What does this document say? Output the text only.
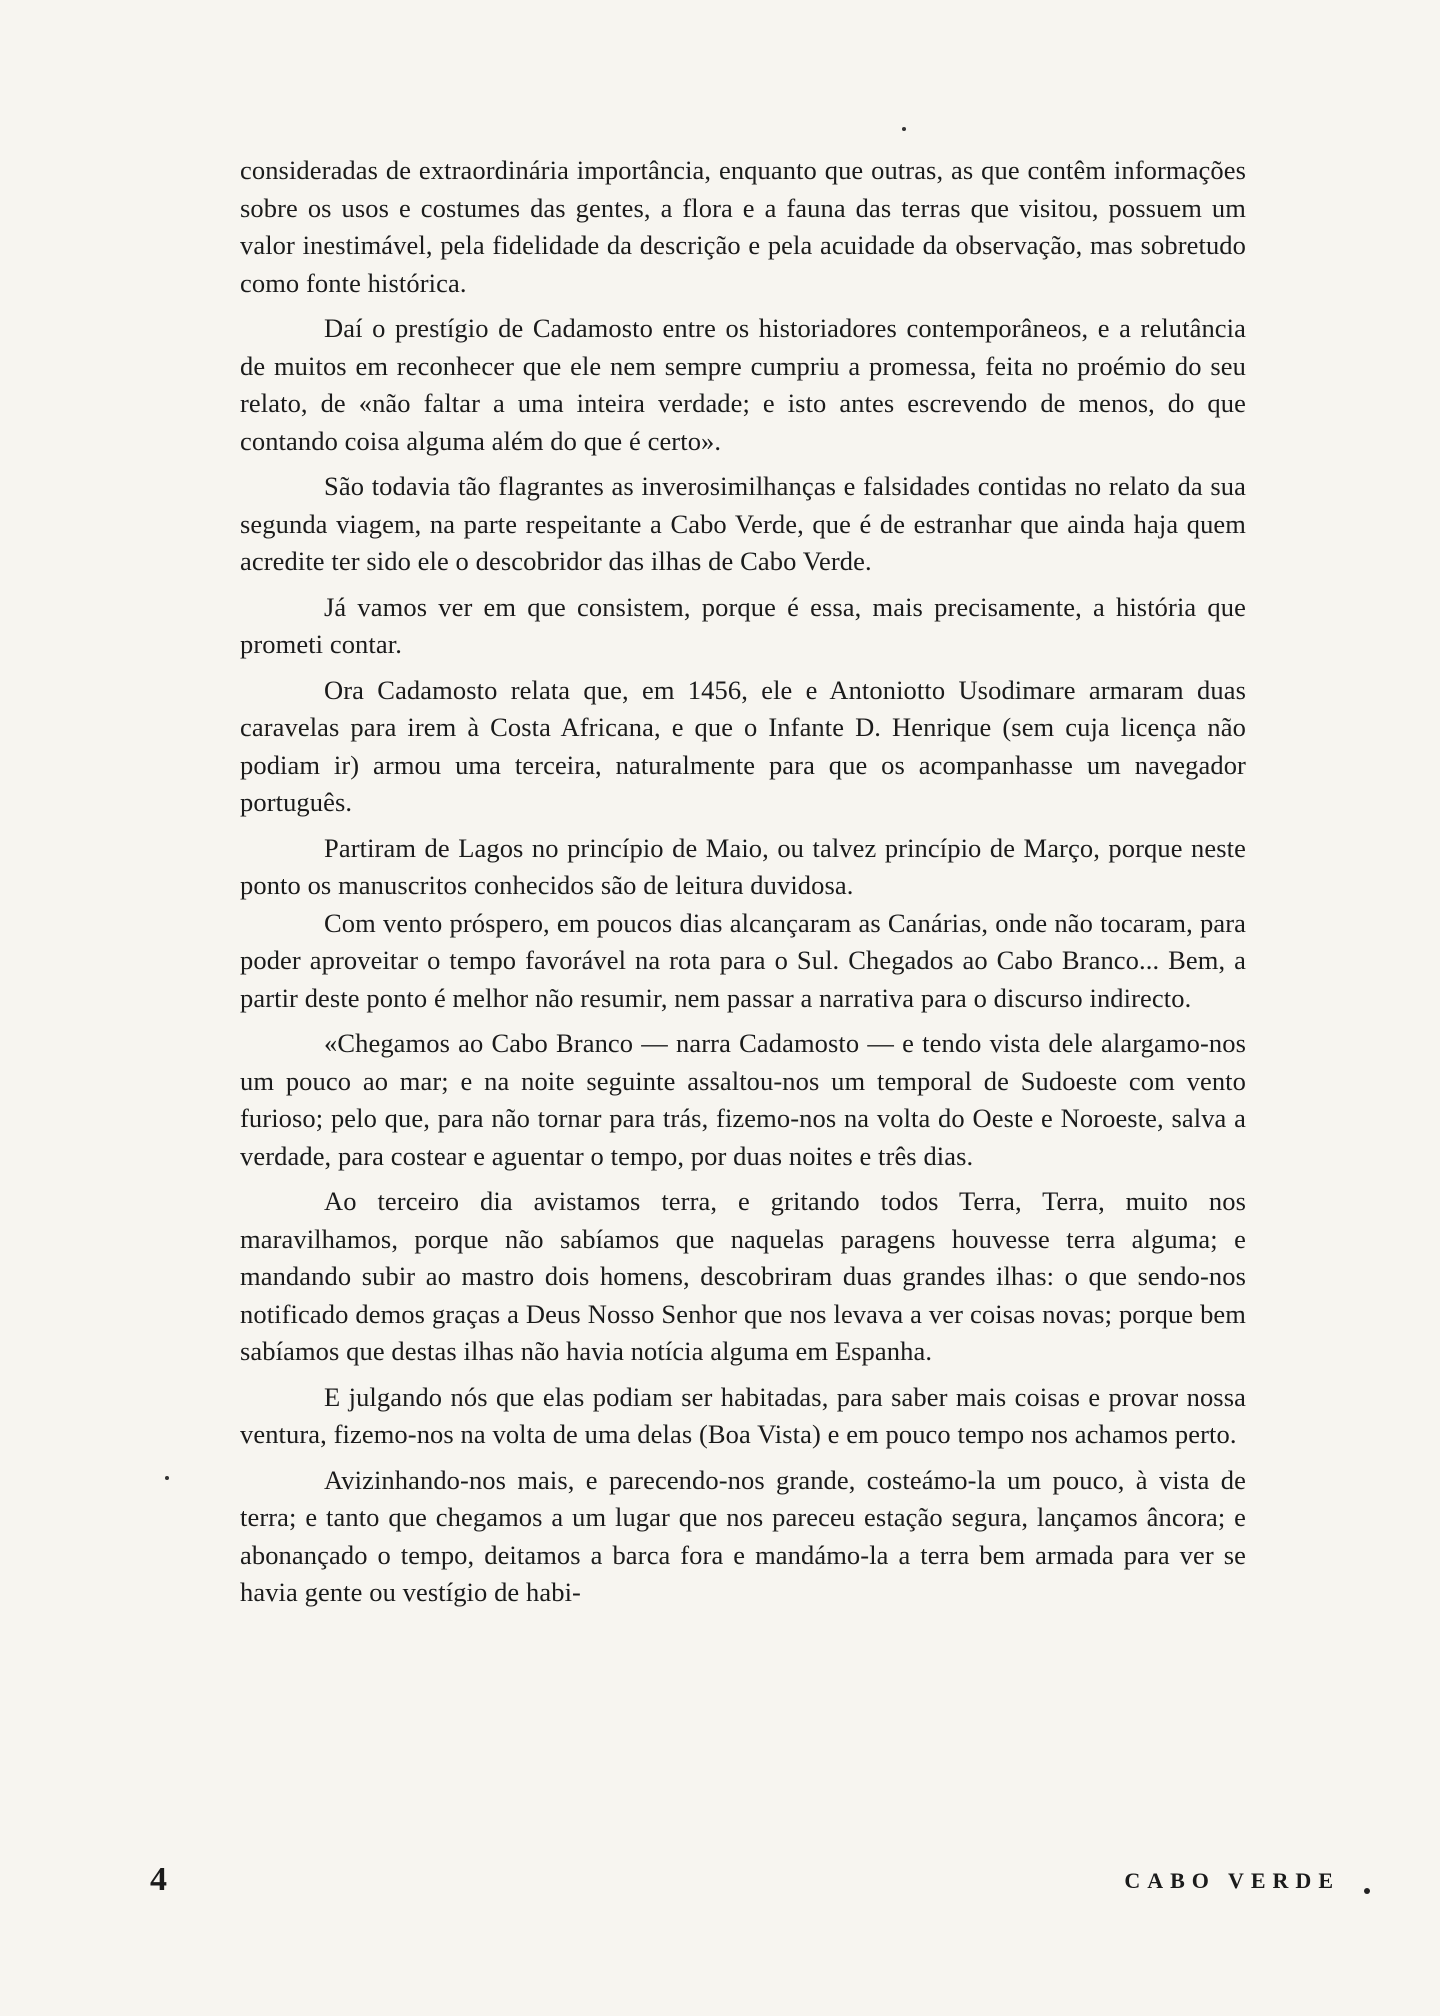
consideradas de extraordinária importância, enquanto que outras, as que contêm informações sobre os usos e costumes das gentes, a flora e a fauna das terras que visitou, possuem um valor inestimável, pela fidelidade da descrição e pela acuidade da observação, mas sobretudo como fonte histórica.

Daí o prestígio de Cadamosto entre os historiadores contemporâneos, e a relutância de muitos em reconhecer que ele nem sempre cumpriu a promessa, feita no proémio do seu relato, de «não faltar a uma inteira verdade; e isto antes escrevendo de menos, do que contando coisa alguma além do que é certo».

São todavia tão flagrantes as inverosimilhanças e falsidades contidas no relato da sua segunda viagem, na parte respeitante a Cabo Verde, que é de estranhar que ainda haja quem acredite ter sido ele o descobridor das ilhas de Cabo Verde.

Já vamos ver em que consistem, porque é essa, mais precisamente, a história que prometi contar.

Ora Cadamosto relata que, em 1456, ele e Antoniotto Usodimare armaram duas caravelas para irem à Costa Africana, e que o Infante D. Henrique (sem cuja licença não podiam ir) armou uma terceira, naturalmente para que os acompanhasse um navegador português.

Partiram de Lagos no princípio de Maio, ou talvez princípio de Março, porque neste ponto os manuscritos conhecidos são de leitura duvidosa.

Com vento próspero, em poucos dias alcançaram as Canárias, onde não tocaram, para poder aproveitar o tempo favorável na rota para o Sul. Chegados ao Cabo Branco... Bem, a partir deste ponto é melhor não resumir, nem passar a narrativa para o discurso indirecto.

«Chegamos ao Cabo Branco — narra Cadamosto — e tendo vista dele alargamo-nos um pouco ao mar; e na noite seguinte assaltou-nos um temporal de Sudoeste com vento furioso; pelo que, para não tornar para trás, fizemo-nos na volta do Oeste e Noroeste, salva a verdade, para costear e aguentar o tempo, por duas noites e três dias.

Ao terceiro dia avistamos terra, e gritando todos Terra, Terra, muito nos maravilhamos, porque não sabíamos que naquelas paragens houvesse terra alguma; e mandando subir ao mastro dois homens, descobriram duas grandes ilhas: o que sendo-nos notificado demos graças a Deus Nosso Senhor que nos levava a ver coisas novas; porque bem sabíamos que destas ilhas não havia notícia alguma em Espanha.

E julgando nós que elas podiam ser habitadas, para saber mais coisas e provar nossa ventura, fizemo-nos na volta de uma delas (Boa Vista) e em pouco tempo nos achamos perto.

Avizinhando-nos mais, e parecendo-nos grande, costeámo-la um pouco, à vista de terra; e tanto que chegamos a um lugar que nos pareceu estação segura, lançamos âncora; e abonançado o tempo, deitamos a barca fora e mandámo-la a terra bem armada para ver se havia gente ou vestígio de habi-

4	CABO VERDE
